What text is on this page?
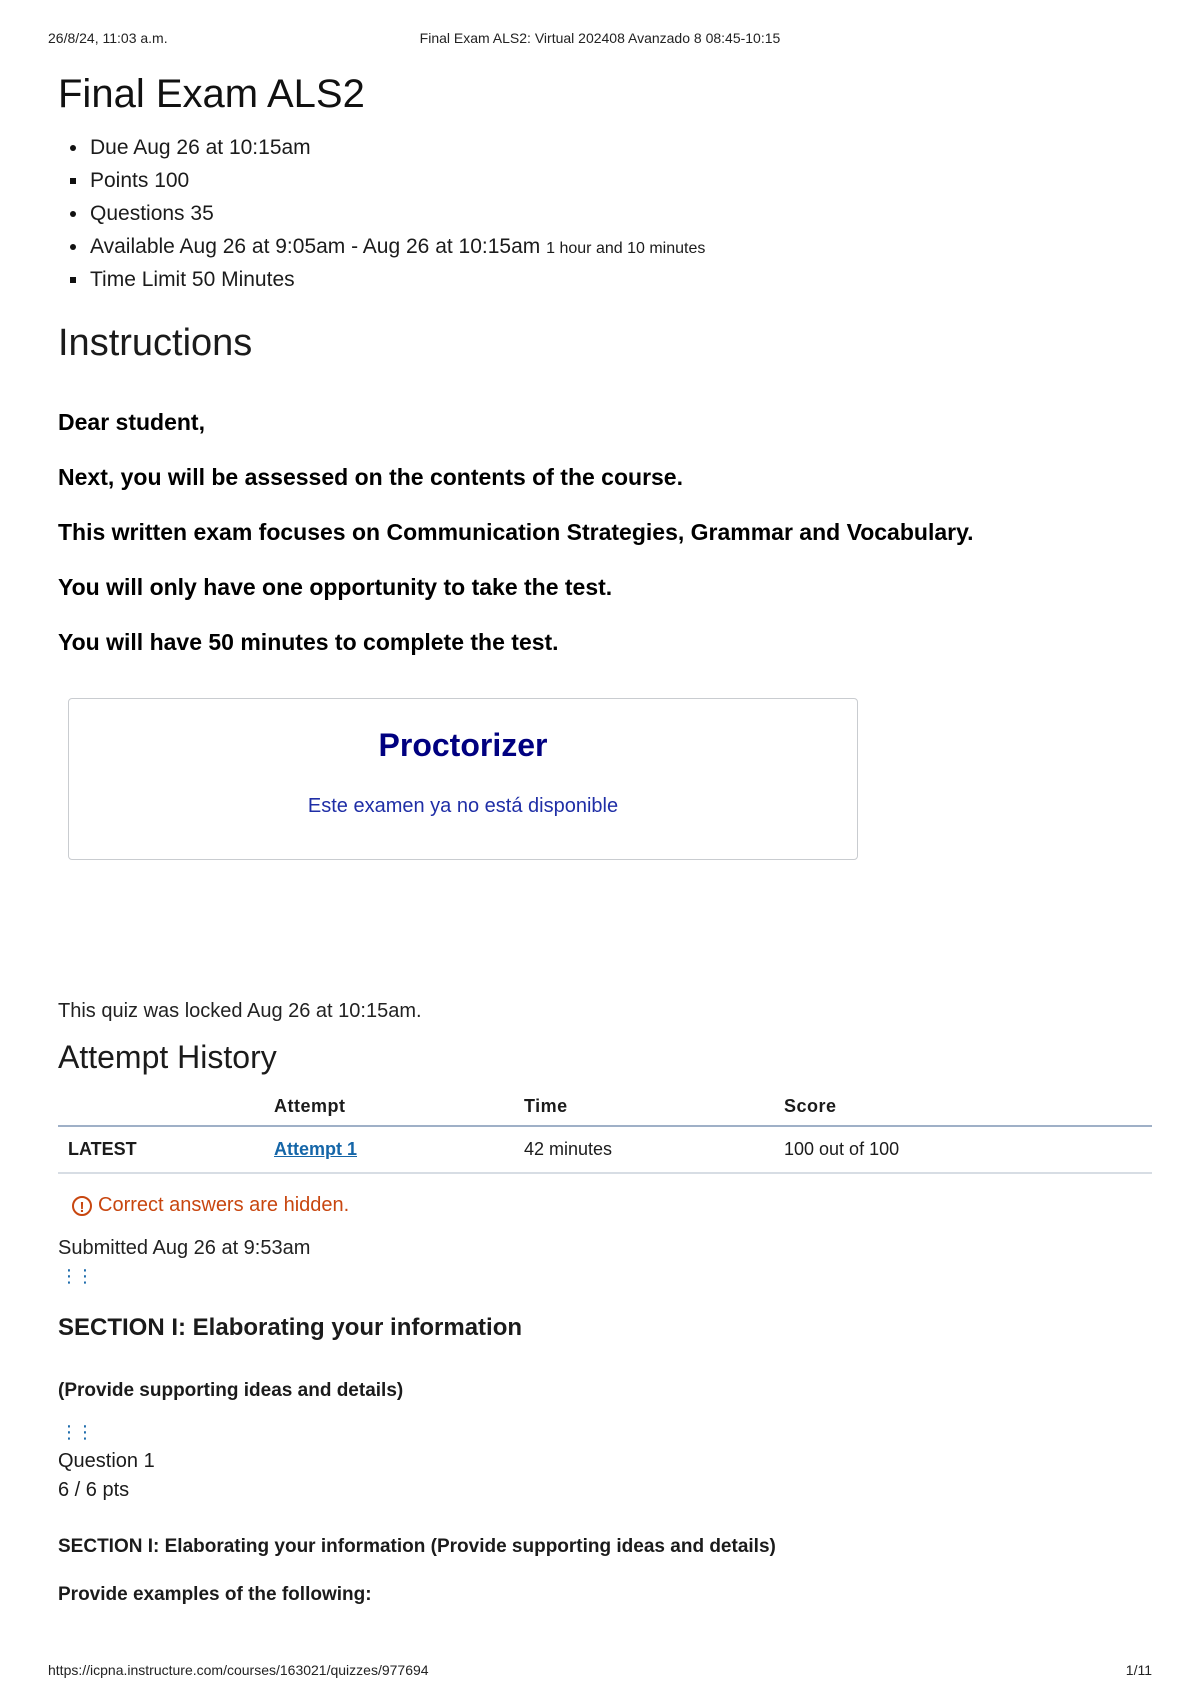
26/8/24, 11:03 a.m.	Final Exam ALS2: Virtual 202408 Avanzado 8 08:45-10:15
Final Exam ALS2
Due Aug 26 at 10:15am
Points 100
Questions 35
Available Aug 26 at 9:05am - Aug 26 at 10:15am 1 hour and 10 minutes
Time Limit 50 Minutes
Instructions

Dear student,

Next, you will be assessed on the contents of the course.

This written exam focuses on Communication Strategies, Grammar and Vocabulary.

You will only have one opportunity to take the test.

You will have 50 minutes to complete the test.

Proctorizer
Este examen ya no está disponible
This quiz was locked Aug 26 at 10:15am.
Attempt History
	Attempt	Time	Score
LATEST	Attempt 1	42 minutes	100 out of 100
! Correct answers are hidden.
Submitted Aug 26 at 9:53am
⋮⋮
SECTION I: Elaborating your information
(Provide supporting ideas and details)
⋮⋮
Question 1
6 / 6 pts
SECTION I: Elaborating your information (Provide supporting ideas and details)
Provide examples of the following:
https://icpna.instructure.com/courses/163021/quizzes/977694	1/11
